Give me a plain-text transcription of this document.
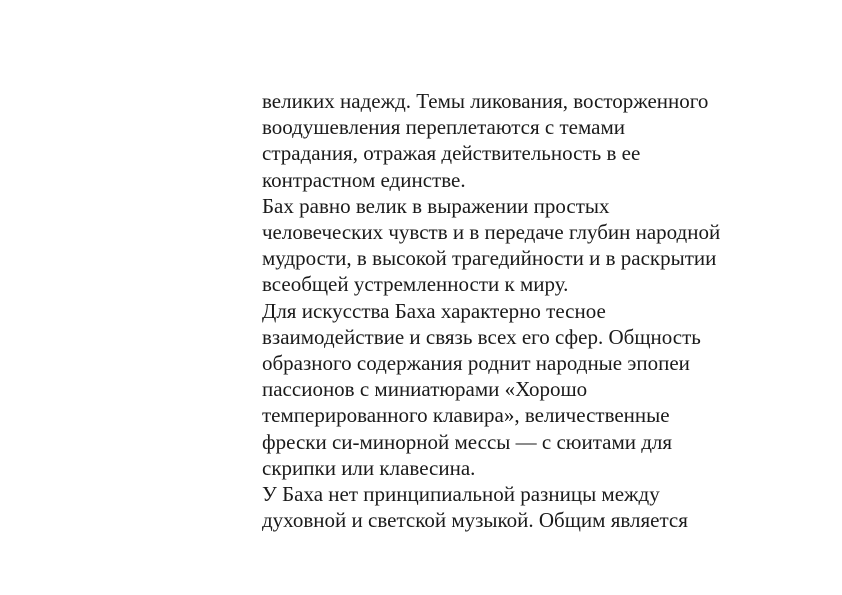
великих надежд. Темы ликования, восторженного
воодушевления переплетаются с темами
страдания, отражая действительность в ее
контрастном единстве.
Бах равно велик в выражении простых
человеческих чувств и в передаче глубин народной
мудрости, в высокой трагедийности и в раскрытии
всеобщей устремленности к миру.
Для искусства Баха характерно тесное
взаимодействие и связь всех его сфер. Общность
образного содержания роднит народные эпопеи
пассионов с миниатюрами «Хорошо
темперированного клавира», величественные
фрески си-минорной мессы — с сюитами для
скрипки или клавесина.
У Баха нет принципиальной разницы между
духовной и светской музыкой. Общим является
